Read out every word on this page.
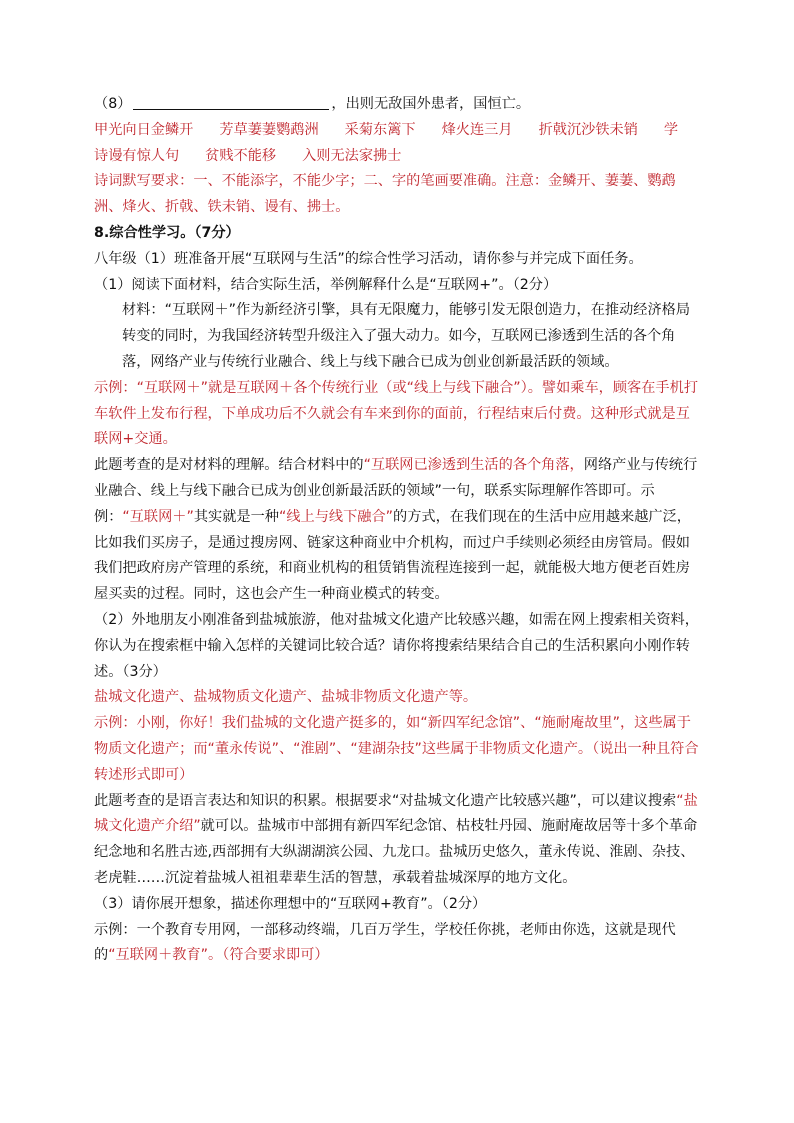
（8）	，出则无敌国外患者，国恒亡。
甲光向日金鳞开 芳草萋萋鹦鹉洲 采菊东篱下 烽火连三月 折戟沉沙铁未销 学
诗谩有惊人句 贫贱不能移 入则无法家拂士

诗词默写要求：一、不能添字，不能少字；二、字的笔画要准确。注意：金鳞开、萋萋、鹦鹉洲、烽火、折戟、铁未销、谩有、拂士。

8.综合性学习。（7分）

八年级（1）班准备开展“互联网与生活”的综合性学习活动，请你参与并完成下面任务。

（1）阅读下面材料，结合实际生活，举例解释什么是“互联网+”。（2分）

材料：“互联网＋”作为新经济引擎，具有无限魔力，能够引发无限创造力，在推动经济格局转变的同时，为我国经济转型升级注入了强大动力。如今，互联网已渗透到生活的各个角落，网络产业与传统行业融合、线上与线下融合已成为创业创新最活跃的领域。

示例：“互联网＋”就是互联网＋各个传统行业（或“线上与线下融合”）。譬如乘车，顾客在手机打车软件上发布行程，下单成功后不久就会有车来到你的面前，行程结束后付费。这种形式就是互联网+交通。

此题考查的是对材料的理解。结合材料中的“互联网已渗透到生活的各个角落，网络产业与传统行业融合、线上与线下融合已成为创业创新最活跃的领域”一句，联系实际理解作答即可。示例：“互联网＋”其实就是一种“线上与线下融合”的方式，在我们现在的生活中应用越来越广泛，比如我们买房子，是通过搜房网、链家这种商业中介机构，而过户手续则必须经由房管局。假如我们把政府房产管理的系统，和商业机构的租赁销售流程连接到一起，就能极大地方便老百姓房屋买卖的过程。同时，这也会产生一种商业模式的转变。

（2）外地朋友小刚准备到盐城旅游，他对盐城文化遗产比较感兴趣，如需在网上搜索相关资料，你认为在搜索框中输入怎样的关键词比较合适？请你将搜索结果结合自己的生活积累向小刚作转述。（3分）

盐城文化遗产、盐城物质文化遗产、盐城非物质文化遗产等。

示例：小刚，你好！我们盐城的文化遗产挺多的，如“新四军纪念馆”、“施耐庵故里”，这些属于物质文化遗产；而“董永传说”、“淮剧”、“建湖杂技”这些属于非物质文化遗产。（说出一种且符合转述形式即可）

此题考查的是语言表达和知识的积累。根据要求“对盐城文化遗产比较感兴趣”，可以建议搜索“盐城文化遗产介绍”就可以。盐城市中部拥有新四军纪念馆、枯枝牡丹园、施耐庵故居等十多个革命纪念地和名胜古迹,西部拥有大纵湖湖滨公园、九龙口。盐城历史悠久，董永传说、淮剧、杂技、老虎鞋……沉淀着盐城人祖祖辈辈生活的智慧，承载着盐城深厚的地方文化。

（3）请你展开想象，描述你理想中的“互联网+教育”。（2分）

示例：一个教育专用网，一部移动终端，几百万学生，学校任你挑，老师由你选，这就是现代的“互联网＋教育”。（符合要求即可）
